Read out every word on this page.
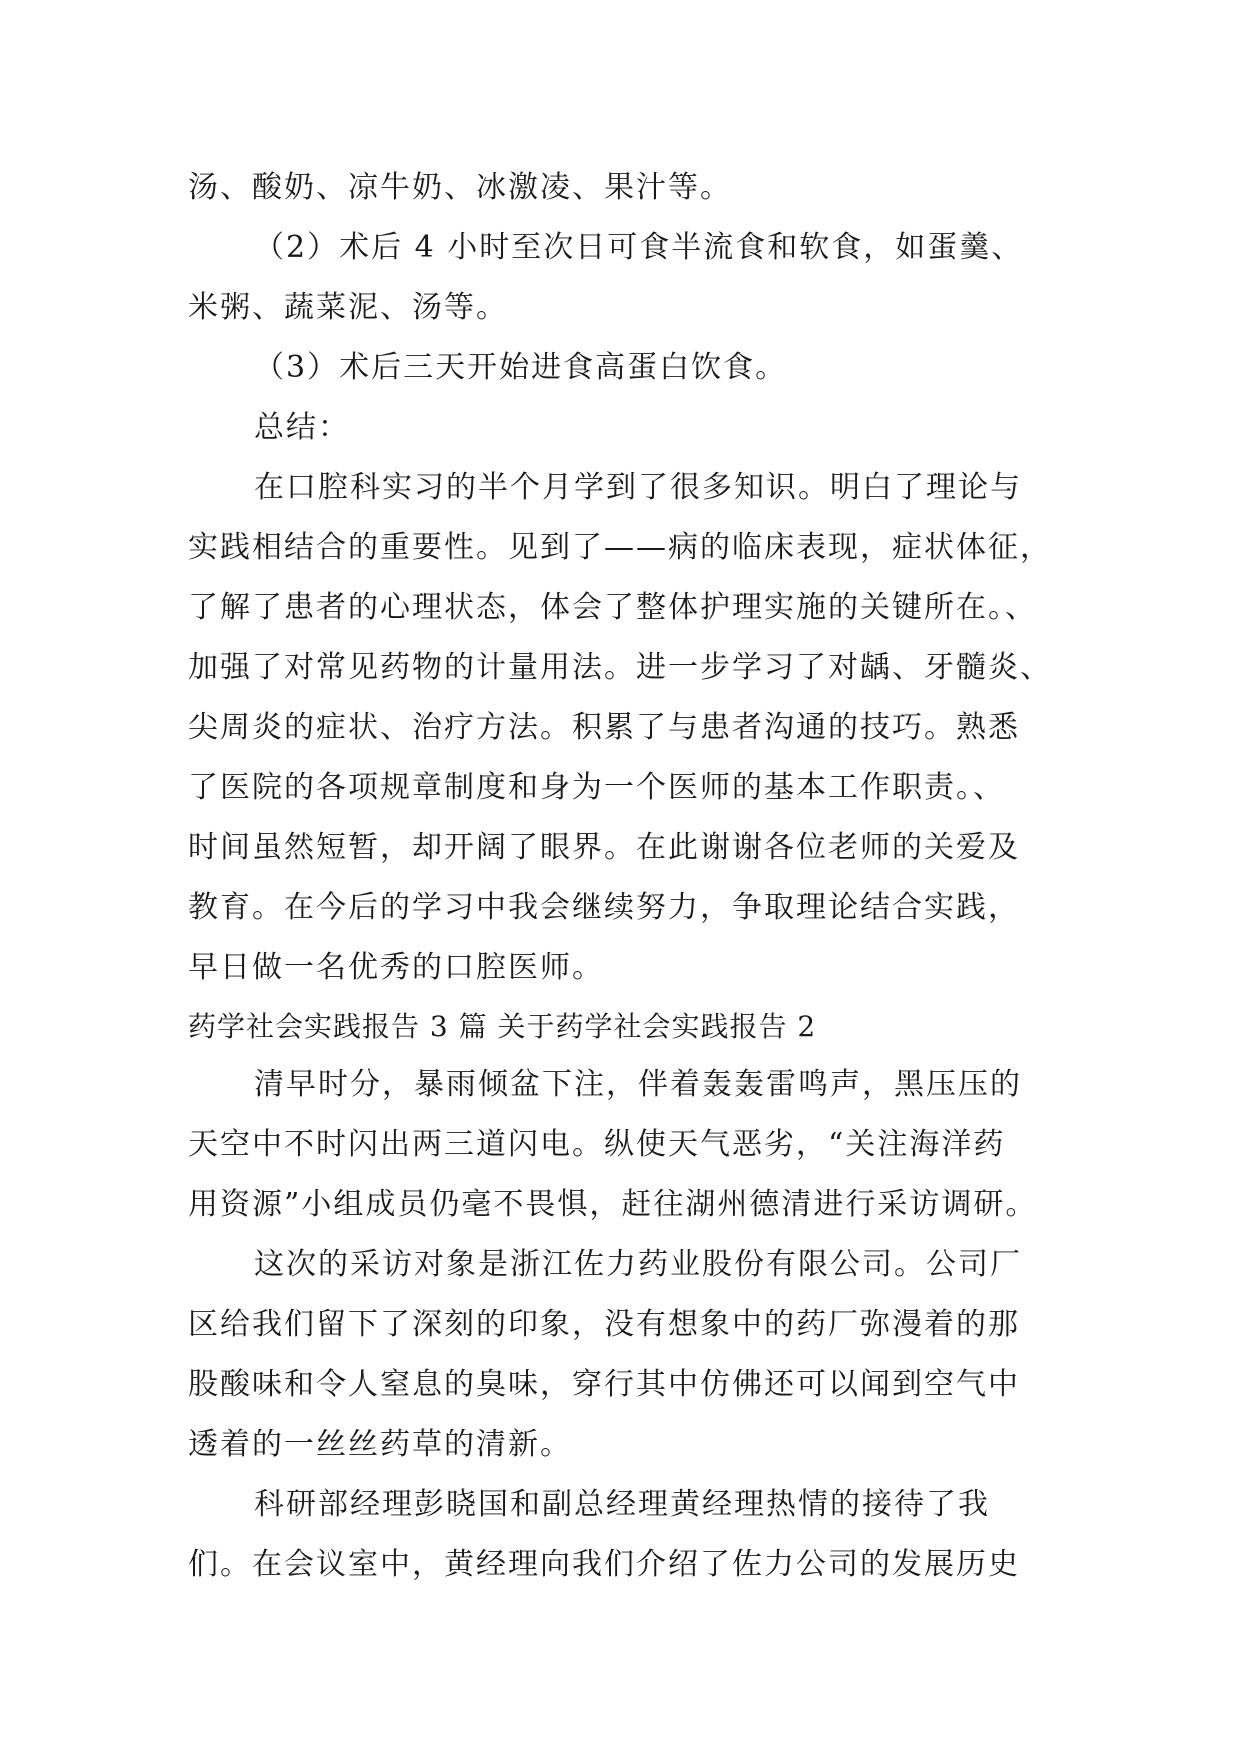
汤、酸奶、凉牛奶、冰激凌、果汁等。
（2）术后 4 小时至次日可食半流食和软食，如蛋羹、
米粥、蔬菜泥、汤等。
（3）术后三天开始进食高蛋白饮食。
总结：
在口腔科实习的半个月学到了很多知识。明白了理论与
实践相结合的重要性。见到了——病的临床表现，症状体征，
了解了患者的心理状态，体会了整体护理实施的关键所在。、
加强了对常见药物的计量用法。进一步学习了对龋、牙髓炎、
尖周炎的症状、治疗方法。积累了与患者沟通的技巧。熟悉
了医院的各项规章制度和身为一个医师的基本工作职责。、
时间虽然短暂，却开阔了眼界。在此谢谢各位老师的关爱及
教育。在今后的学习中我会继续努力，争取理论结合实践，
早日做一名优秀的口腔医师。
药学社会实践报告 3 篇 关于药学社会实践报告 2
清早时分，暴雨倾盆下注，伴着轰轰雷鸣声，黑压压的
天空中不时闪出两三道闪电。纵使天气恶劣，“关注海洋药
用资源”小组成员仍毫不畏惧，赶往湖州德清进行采访调研。
这次的采访对象是浙江佐力药业股份有限公司。公司厂
区给我们留下了深刻的印象，没有想象中的药厂弥漫着的那
股酸味和令人窒息的臭味，穿行其中仿佛还可以闻到空气中
透着的一丝丝药草的清新。
科研部经理彭晓国和副总经理黄经理热情的接待了我
们。在会议室中，黄经理向我们介绍了佐力公司的发展历史
